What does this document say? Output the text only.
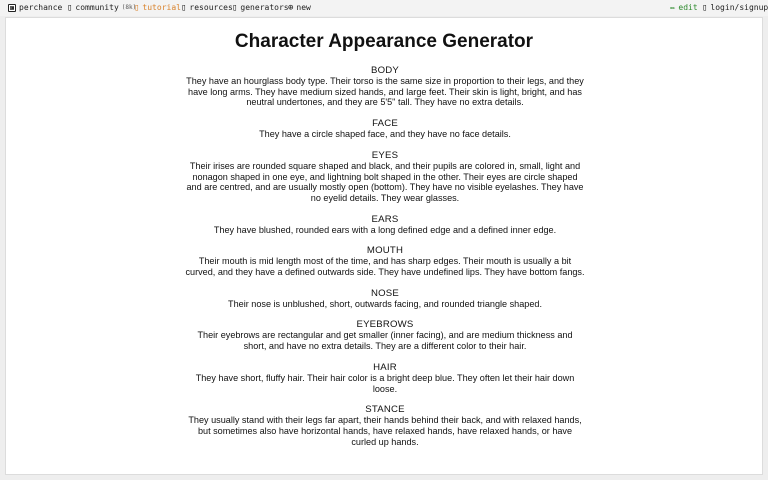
perchance ▯ community (8k)
▯ tutorial ▯ resources ▯ generators ⊕ new	✏ edit ▯ login/signup
Character Appearance Generator
BODY

They have an hourglass body type. Their torso is the same size in proportion to their legs, and they have long arms. They have medium sized hands, and large feet. Their skin is light, bright, and has neutral undertones, and they are 5'5" tall. They have no extra details.

FACE

They have a circle shaped face, and they have no face details.

EYES

Their irises are rounded square shaped and black, and their pupils are colored in, small, light and nonagon shaped in one eye, and lightning bolt shaped in the other. Their eyes are circle shaped and are centred, and are usually mostly open (bottom). They have no visible eyelashes. They have no eyelid details. They wear glasses.

EARS

They have blushed, rounded ears with a long defined edge and a defined inner edge.

MOUTH

Their mouth is mid length most of the time, and has sharp edges. Their mouth is usually a bit curved, and they have a defined outwards side. They have undefined lips. They have bottom fangs.

NOSE

Their nose is unblushed, short, outwards facing, and rounded triangle shaped.

EYEBROWS

Their eyebrows are rectangular and get smaller (inner facing), and are medium thickness and short, and have no extra details. They are a different color to their hair.

HAIR

They have short, fluffy hair. Their hair color is a bright deep blue. They often let their hair down loose.

STANCE

They usually stand with their legs far apart, their hands behind their back, and with relaxed hands, but sometimes also have horizontal hands, have relaxed hands, have relaxed hands, or have curled up hands.
